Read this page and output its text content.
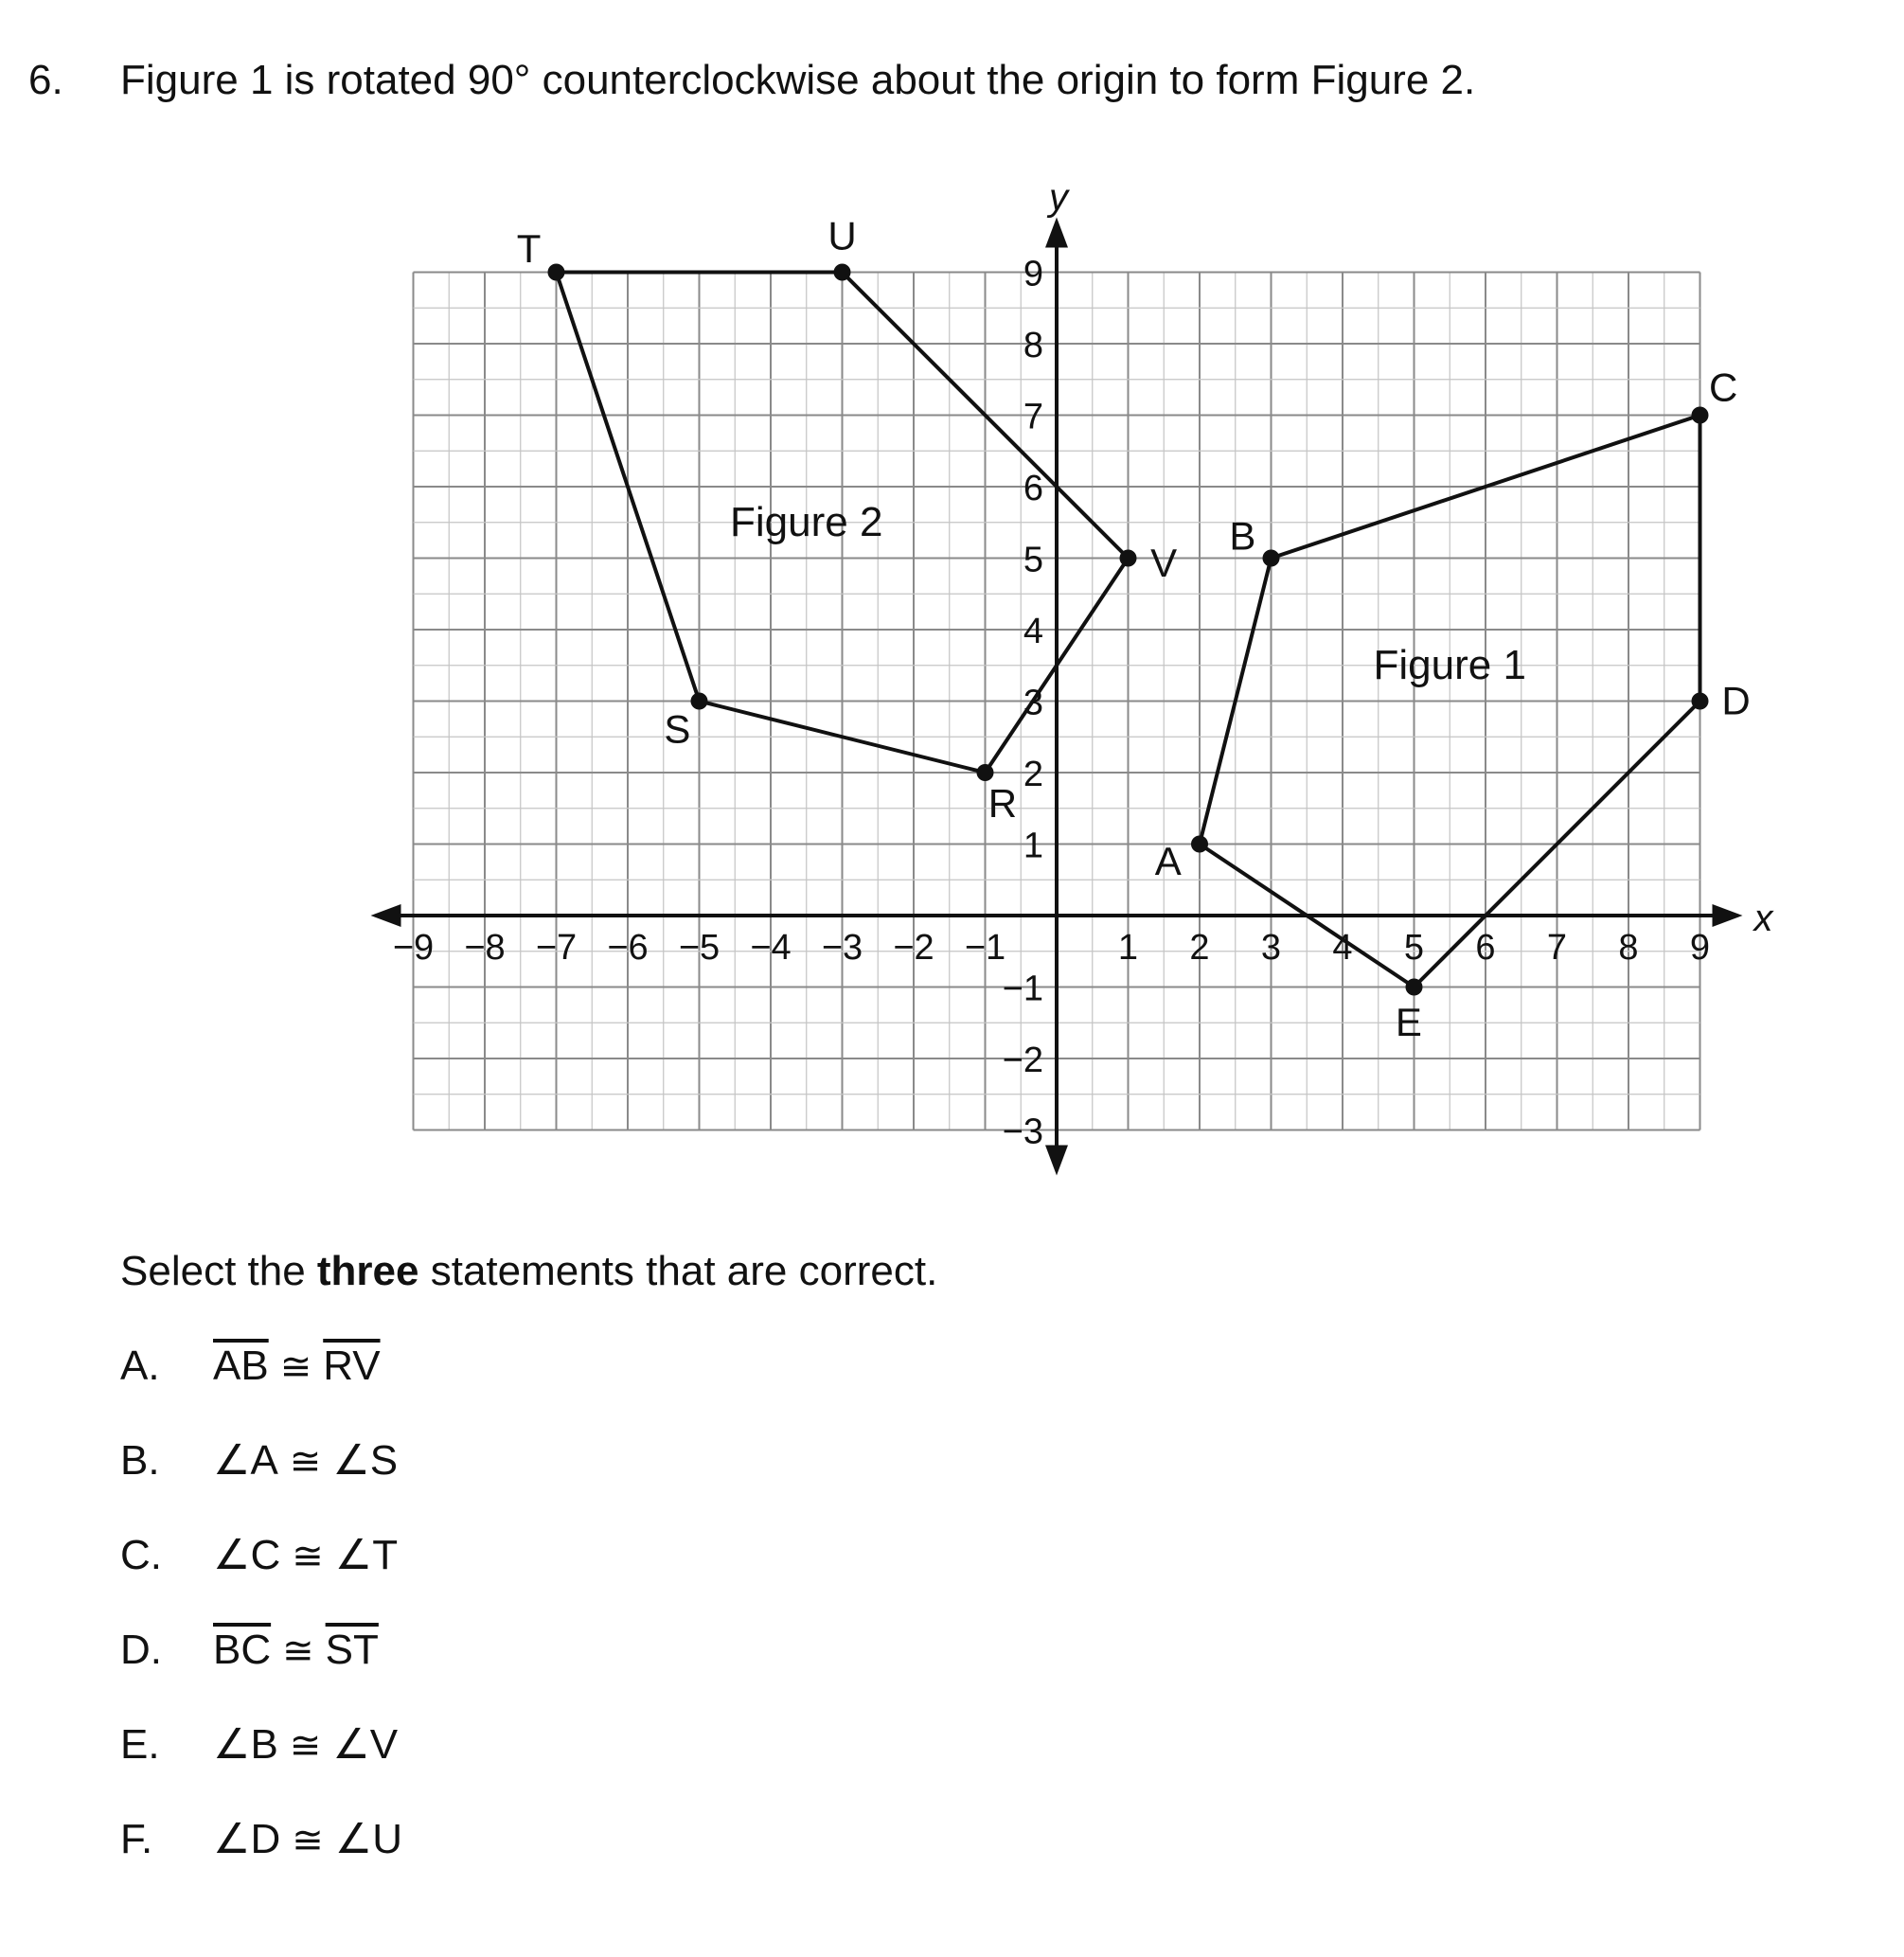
6. Figure 1 is rotated 90° counterclockwise about the origin to form Figure 2.
x
y
−9 −8 −7 −6 −5 −4 −3 −2 −1	1 2 3 4 5 6 7 8 9
−3
−2
−1
1
2
3
4
5
6
7
8
9
Figure 1
A
B
C
D
E
Figure 2
R
S
T	U
V
Select the three statements that are correct.
A. $\overline{AB}$ ≅ $\overline{RV}$
B. ∠A ≅ ∠S
C. ∠C ≅ ∠T
D. $\overline{BC}$ ≅ $\overline{ST}$
E. ∠B ≅ ∠V
F. ∠D ≅ ∠U
